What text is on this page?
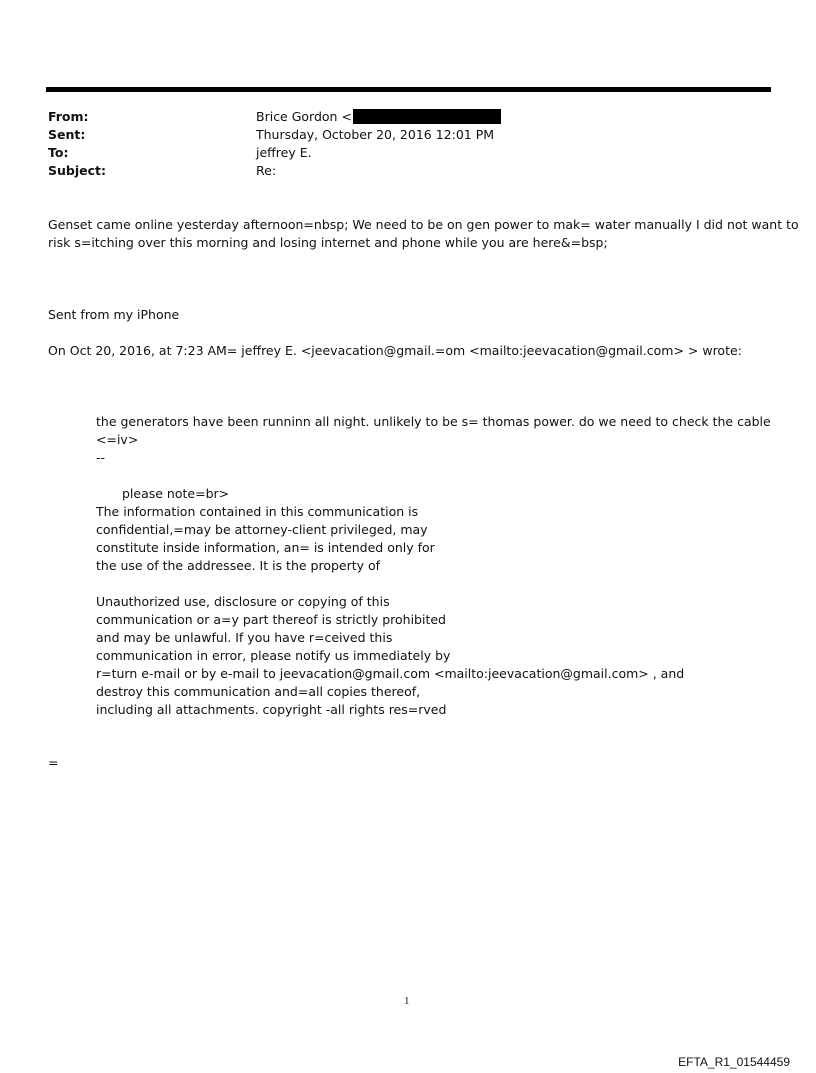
From:	Brice Gordon <
Sent:	Thursday, October 20, 2016 12:01 PM
To:	jeffrey E.
Subject:	Re:
Genset came online yesterday afternoon=nbsp; We need to be on gen power to mak= water manually I did not want to
risk s=itching over this morning and losing internet and phone while you are here&=bsp;
Sent from my iPhone
On Oct 20, 2016, at 7:23 AM= jeffrey E. <jeevacation@gmail.=om <mailto:jeevacation@gmail.com> > wrote:
the generators have been runninn all night. unlikely to be s= thomas power. do we need to check the cable
<=iv>
--
please note=br>
The information contained in this communication is
confidential,=may be attorney-client privileged, may
constitute inside information, an= is intended only for
the use of the addressee. It is the property of
Unauthorized use, disclosure or copying of this
communication or a=y part thereof is strictly prohibited
and may be unlawful. If you have r=ceived this
communication in error, please notify us immediately by
r=turn e-mail or by e-mail to jeevacation@gmail.com <mailto:jeevacation@gmail.com> , and
destroy this communication and=all copies thereof,
including all attachments. copyright -all rights res=rved
=
1
EFTA_R1_01544459
